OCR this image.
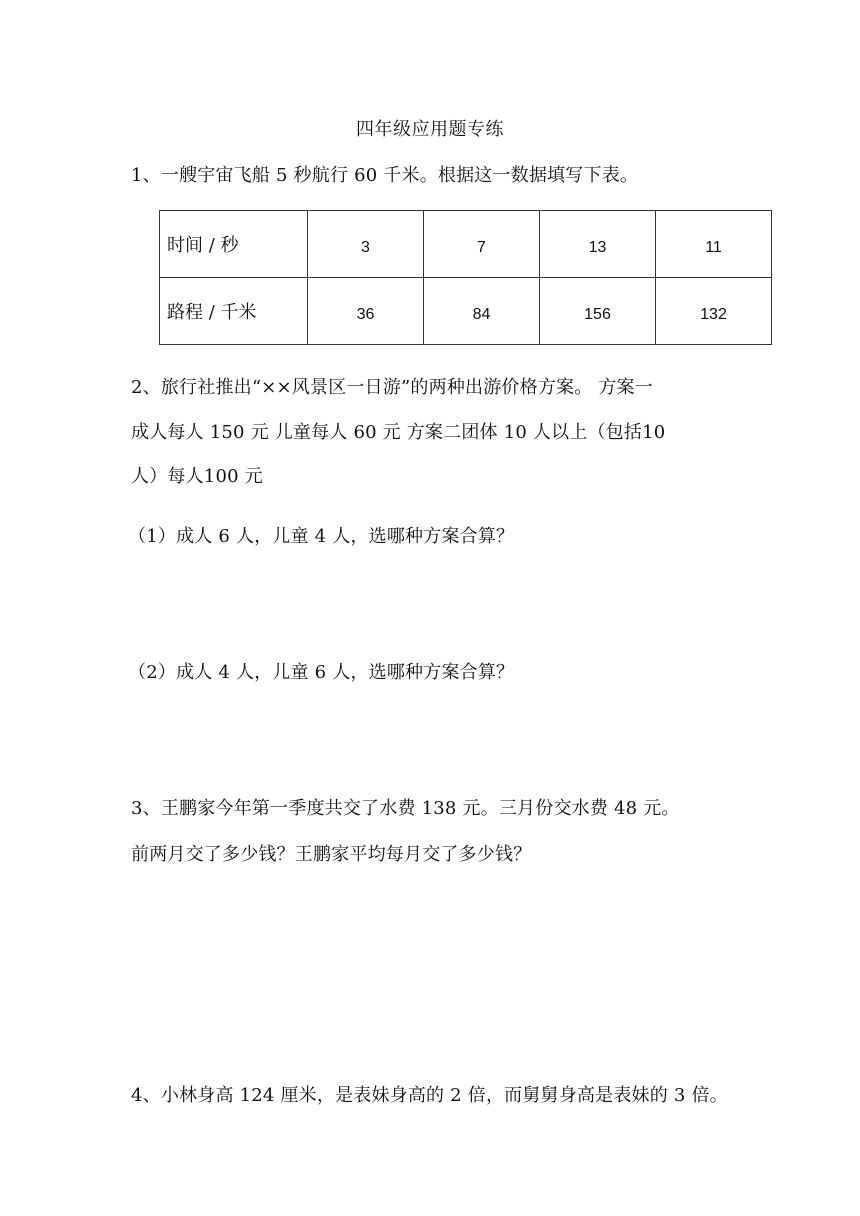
四年级应用题专练
1、一艘宇宙飞船 5 秒航行 60 千米。根据这一数据填写下表。
时间 / 秒	3	7	13	11
路程 / 千米	36	84	156	132
2、旅行社推出“××风景区一日游”的两种出游价格方案。 方案一
成人每人 150 元 儿童每人 60 元 方案二团体 10 人以上（包括10
人）每人100 元
（1）成人 6 人，儿童 4 人，选哪种方案合算？
（2）成人 4 人，儿童 6 人，选哪种方案合算？
3、王鹏家今年第一季度共交了水费 138 元。三月份交水费 48 元。
前两月交了多少钱？王鹏家平均每月交了多少钱？
4、小林身高 124 厘米，是表妹身高的 2 倍，而舅舅身高是表妹的 3 倍。
